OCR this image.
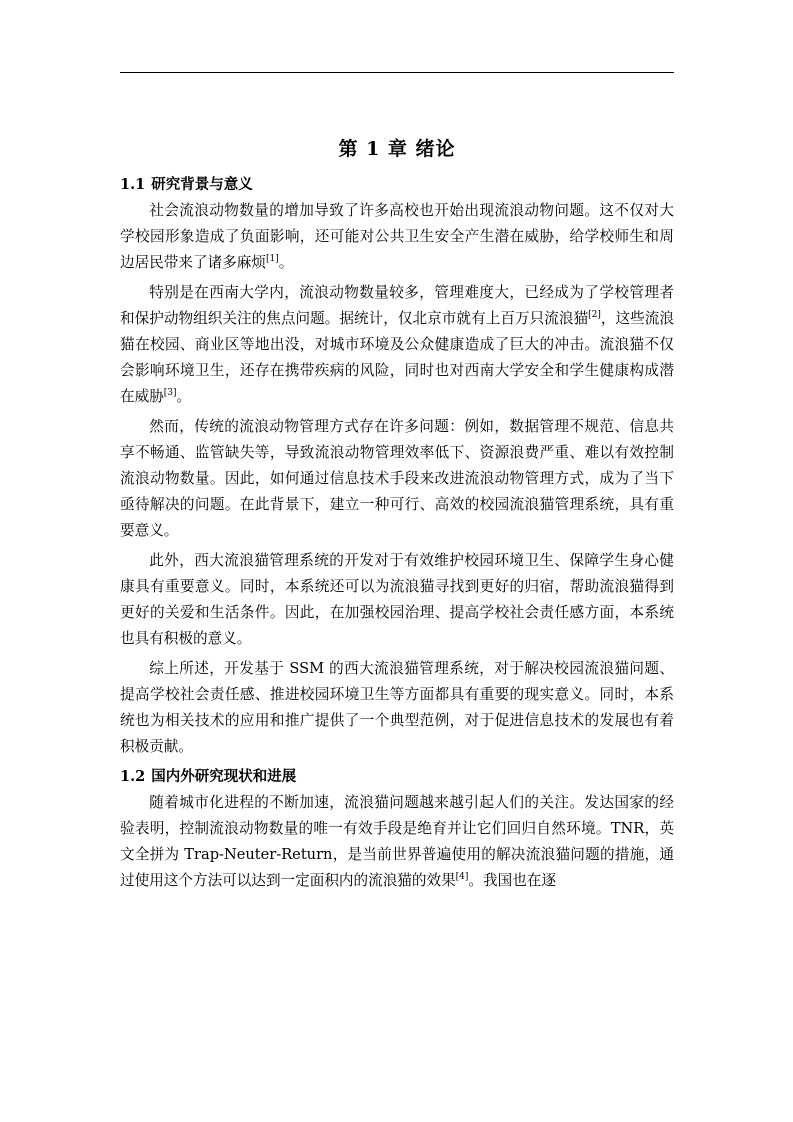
第 1 章 绪论
1.1 研究背景与意义

社会流浪动物数量的增加导致了许多高校也开始出现流浪动物问题。这不仅对大学校园形象造成了负面影响，还可能对公共卫生安全产生潜在威胁，给学校师生和周边居民带来了诸多麻烦[1]。

特别是在西南大学内，流浪动物数量较多，管理难度大，已经成为了学校管理者和保护动物组织关注的焦点问题。据统计，仅北京市就有上百万只流浪猫[2]，这些流浪猫在校园、商业区等地出没，对城市环境及公众健康造成了巨大的冲击。流浪猫不仅会影响环境卫生，还存在携带疾病的风险，同时也对西南大学安全和学生健康构成潜在威胁[3]。

然而，传统的流浪动物管理方式存在许多问题：例如，数据管理不规范、信息共享不畅通、监管缺失等，导致流浪动物管理效率低下、资源浪费严重、难以有效控制流浪动物数量。因此，如何通过信息技术手段来改进流浪动物管理方式，成为了当下亟待解决的问题。在此背景下，建立一种可行、高效的校园流浪猫管理系统，具有重要意义。

此外，西大流浪猫管理系统的开发对于有效维护校园环境卫生、保障学生身心健康具有重要意义。同时，本系统还可以为流浪猫寻找到更好的归宿，帮助流浪猫得到更好的关爱和生活条件。因此，在加强校园治理、提高学校社会责任感方面，本系统也具有积极的意义。

综上所述，开发基于 SSM 的西大流浪猫管理系统，对于解决校园流浪猫问题、提高学校社会责任感、推进校园环境卫生等方面都具有重要的现实意义。同时，本系统也为相关技术的应用和推广提供了一个典型范例，对于促进信息技术的发展也有着积极贡献。

1.2 国内外研究现状和进展

随着城市化进程的不断加速，流浪猫问题越来越引起人们的关注。发达国家的经验表明，控制流浪动物数量的唯一有效手段是绝育并让它们回归自然环境。TNR，英文全拼为 Trap-Neuter-Return，是当前世界普遍使用的解决流浪猫问题的措施，通过使用这个方法可以达到一定面积内的流浪猫的效果[4]。我国也在逐
